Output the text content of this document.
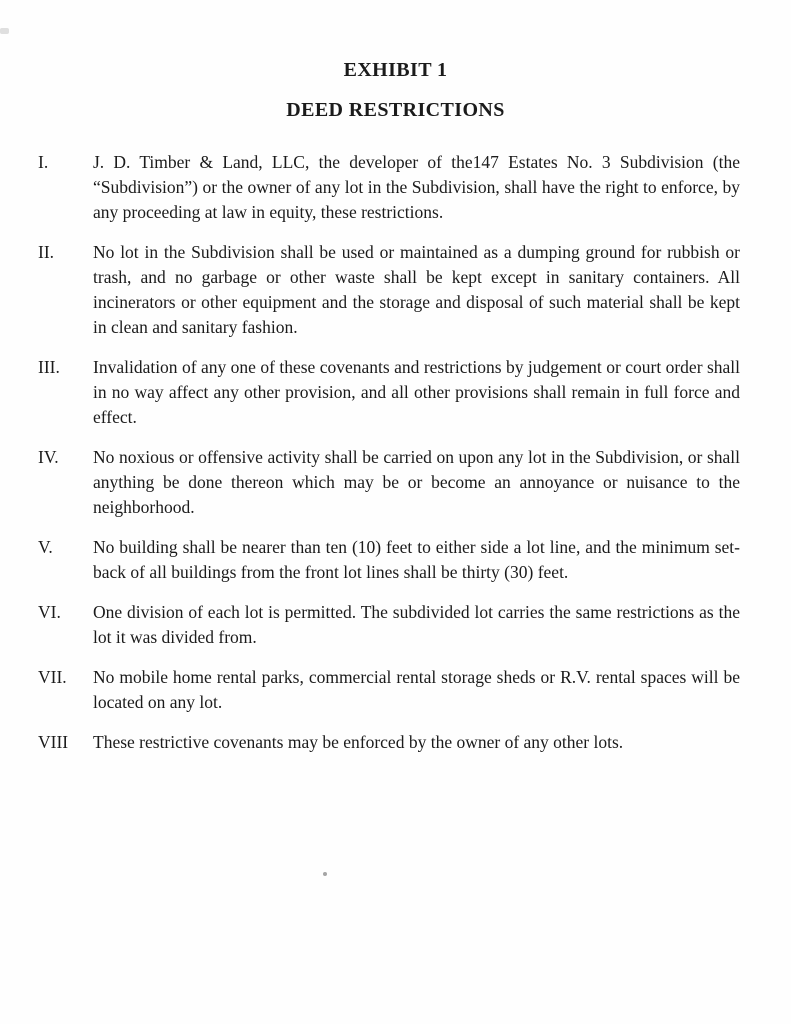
EXHIBIT 1
DEED RESTRICTIONS
I.	J. D. Timber & Land, LLC, the developer of the147 Estates No. 3 Subdivision (the “Subdivision”) or the owner of any lot in the Subdivision, shall have the right to enforce, by any proceeding at law in equity, these restrictions.
II.	No lot in the Subdivision shall be used or maintained as a dumping ground for rubbish or trash, and no garbage or other waste shall be kept except in sanitary containers. All incinerators or other equipment and the storage and disposal of such material shall be kept in clean and sanitary fashion.
III.	Invalidation of any one of these covenants and restrictions by judgement or court order shall in no way affect any other provision, and all other provisions shall remain in full force and effect.
IV.	No noxious or offensive activity shall be carried on upon any lot in the Subdivision, or shall anything be done thereon which may be or become an annoyance or nuisance to the neighborhood.
V.	No building shall be nearer than ten (10) feet to either side a lot line, and the minimum set-back of all buildings from the front lot lines shall be thirty (30) feet.
VI.	One division of each lot is permitted. The subdivided lot carries the same restrictions as the lot it was divided from.
VII.	No mobile home rental parks, commercial rental storage sheds or R.V. rental spaces will be located on any lot.
VIII	These restrictive covenants may be enforced by the owner of any other lots.
